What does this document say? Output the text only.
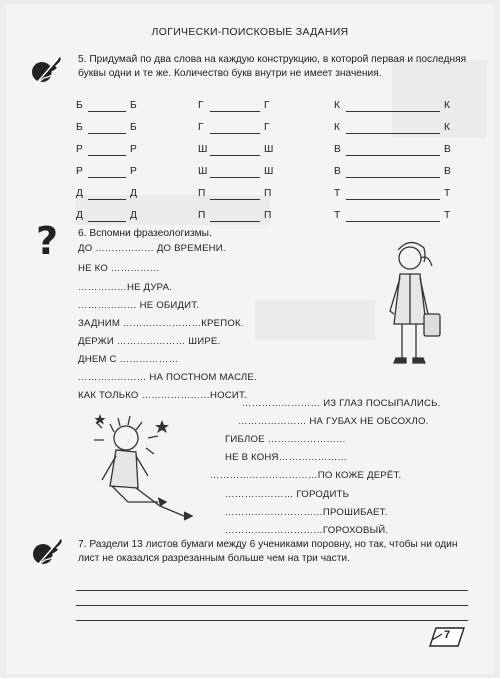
ЛОГИЧЕСКИ-ПОИСКОВЫЕ ЗАДАНИЯ
5. Придумай по два слова на каждую конструкцию, в которой первая и последняя буквы одни и те же. Количество букв внутри не имеет значения.
Б	Б	Г	Г	К	К
Б	Б	Г	Г	К	К
Р	Р	Ш	Ш	В	В
Р	Р	Ш	Ш	В	В
Д	Д	П	П	Т	Т
Д	Д	П	П	Т	Т
? 6. Вспомни фразеологизмы.
ДО ……………… ДО ВРЕМЕНИ.
НЕ КО ……………
……………НЕ ДУРА.
……………… НЕ ОБИДИТ.
ЗАДНИМ ……………………КРЕПОК.
ДЕРЖИ ………………… ШИРЕ.
ДНЕМ С ………………
………………… НА ПОСТНОМ МАСЛЕ.
КАК ТОЛЬКО …………………НОСИТ.
…………………… ИЗ ГЛАЗ ПОСЫПАЛИСЬ.
………………… НА ГУБАХ НЕ ОБСОХЛО.
ГИБЛОЕ ……………………
НЕ В КОНЯ…………………
……………………………ПО КОЖЕ ДЕРЁТ.
………………… ГОРОДИТЬ
…………………………ПРОШИБАЕТ.
…………………………ГОРОХОВЫЙ.
7. Раздели 13 листов бумаги между 6 учениками поровну, но так, чтобы ни один лист не оказался разрезанным больше чем на три части.
7
